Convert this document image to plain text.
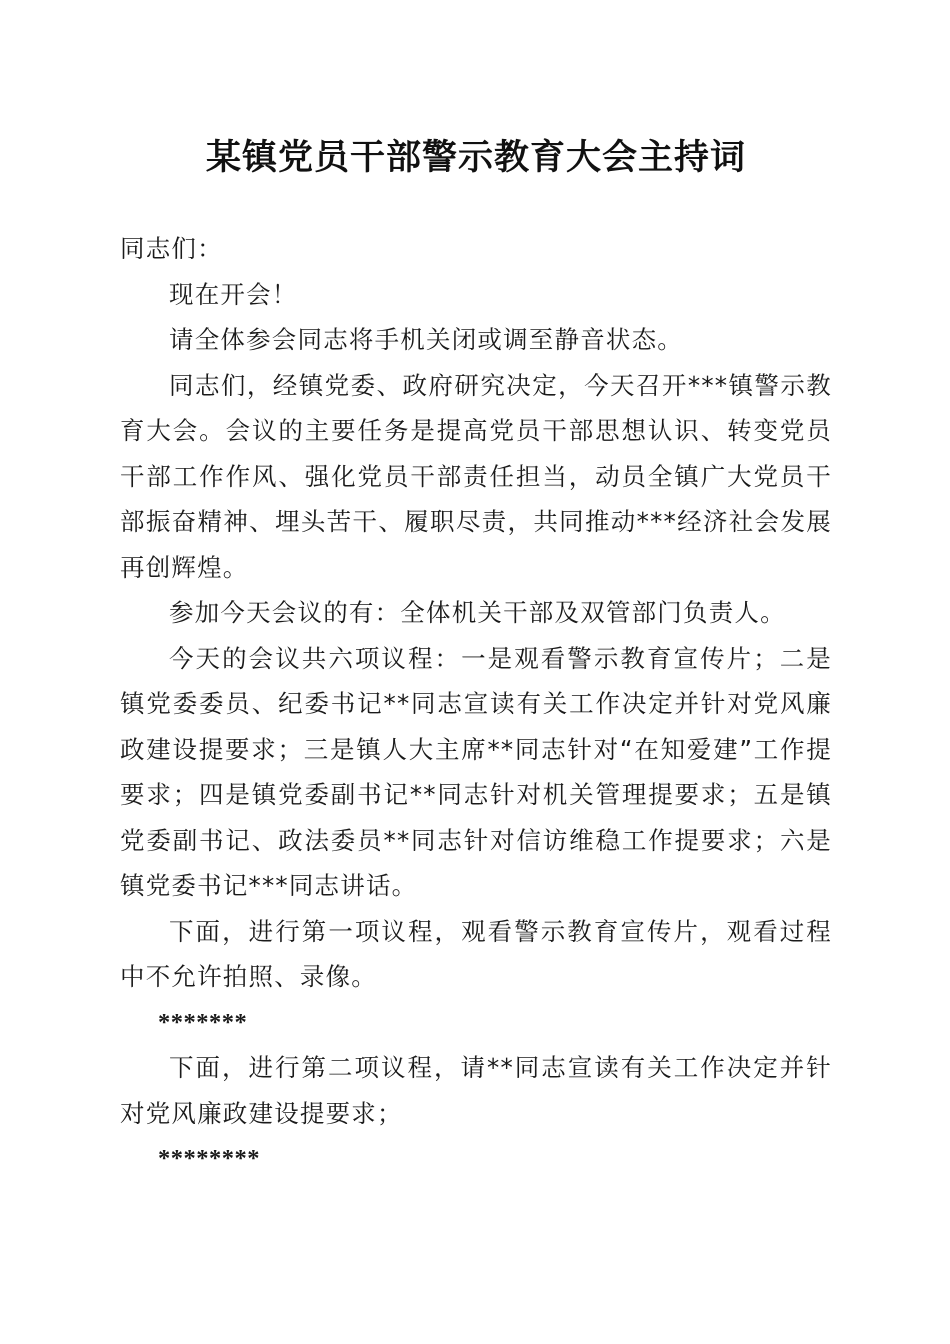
某镇党员干部警示教育大会主持词

同志们：

现在开会！

请全体参会同志将手机关闭或调至静音状态。

同志们，经镇党委、政府研究决定，今天召开***镇警示教育大会。会议的主要任务是提高党员干部思想认识、转变党员干部工作作风、强化党员干部责任担当，动员全镇广大党员干部振奋精神、埋头苦干、履职尽责，共同推动***经济社会发展再创辉煌。

参加今天会议的有：全体机关干部及双管部门负责人。

今天的会议共六项议程：一是观看警示教育宣传片；二是镇党委委员、纪委书记**同志宣读有关工作决定并针对党风廉政建设提要求；三是镇人大主席**同志针对“在知爱建”工作提要求；四是镇党委副书记**同志针对机关管理提要求；五是镇党委副书记、政法委员**同志针对信访维稳工作提要求；六是镇党委书记***同志讲话。

下面，进行第一项议程，观看警示教育宣传片，观看过程中不允许拍照、录像。

*******

下面，进行第二项议程，请**同志宣读有关工作决定并针对党风廉政建设提要求；

********
